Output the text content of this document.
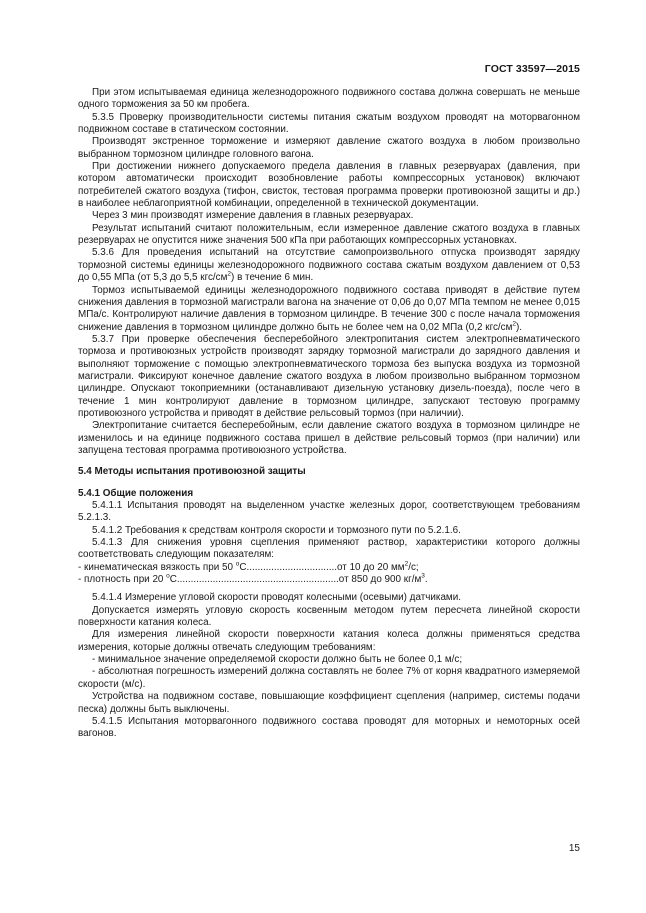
ГОСТ 33597—2015

При этом испытываемая единица железнодорожного подвижного состава должна совершать не меньше одного торможения за 50 км пробега.

5.3.5 Проверку производительности системы питания сжатым воздухом проводят на моторвагонном подвижном составе в статическом состоянии.

Производят экстренное торможение и измеряют давление сжатого воздуха в любом произвольно выбранном тормозном цилиндре головного вагона.

При достижении нижнего допускаемого предела давления в главных резервуарах (давления, при котором автоматически происходит возобновление работы компрессорных установок) включают потребителей сжатого воздуха (тифон, свисток, тестовая программа проверки противоюзной защиты и др.) в наиболее неблагоприятной комбинации, определенной в технической документации.

Через 3 мин производят измерение давления в главных резервуарах.

Результат испытаний считают положительным, если измеренное давление сжатого воздуха в главных резервуарах не опустится ниже значения 500 кПа при работающих компрессорных установках.

5.3.6 Для проведения испытаний на отсутствие самопроизвольного отпуска производят зарядку тормозной системы единицы железнодорожного подвижного состава сжатым воздухом давлением от 0,53 до 0,55 МПа (от 5,3 до 5,5 кгс/$см^2$) в течение 6 мин.

Тормоз испытываемой единицы железнодорожного подвижного состава приводят в действие путем снижения давления в тормозной магистрали вагона на значение от 0,06 до 0,07 МПа темпом не менее 0,015 МПа/с. Контролируют наличие давления в тормозном цилиндре. В течение 300 с после начала торможения снижение давления в тормозном цилиндре должно быть не более чем на 0,02 МПа (0,2 кгс/$см^2$).

5.3.7 При проверке обеспечения бесперебойного электропитания систем электропневматического тормоза и противоюзных устройств производят зарядку тормозной магистрали до зарядного давления и выполняют торможение с помощью электропневматического тормоза без выпуска воздуха из тормозной магистрали. Фиксируют конечное давление сжатого воздуха в любом произвольно выбранном тормозном цилиндре. Опускают токоприемники (останавливают дизельную установку дизель-поезда), после чего в течение 1 мин контролируют давление в тормозном цилиндре, запускают тестовую программу противоюзного устройства и приводят в действие рельсовый тормоз (при наличии).

Электропитание считается бесперебойным, если давление сжатого воздуха в тормозном цилиндре не изменилось и на единице подвижного состава пришел в действие рельсовый тормоз (при наличии) или запущена тестовая программа противоюзного устройства.

5.4 Методы испытания противоюзной защиты

5.4.1 Общие положения

5.4.1.1 Испытания проводят на выделенном участке железных дорог, соответствующем требованиям 5.2.1.3.

5.4.1.2 Требования к средствам контроля скорости и тормозного пути по 5.2.1.6.

5.4.1.3 Для снижения уровня сцепления применяют раствор, характеристики которого должны соответствовать следующим показателям:

- кинематическая вязкость при 50 $^o$C.................................от 10 до 20 $мм^2/с$;

- плотность при 20 $^o$C...........................................................от 850 до 900 $кг/м^3$.

5.4.1.4 Измерение угловой скорости проводят колесными (осевыми) датчиками.

Допускается измерять угловую скорость косвенным методом путем пересчета линейной скорости поверхности катания колеса.

Для измерения линейной скорости поверхности катания колеса должны применяться средства измерения, которые должны отвечать следующим требованиям:

- минимальное значение определяемой скорости должно быть не более 0,1 м/с;

- абсолютная погрешность измерений должна составлять не более 7% от корня квадратного измеряемой скорости (м/с).

Устройства на подвижном составе, повышающие коэффициент сцепления (например, системы подачи песка) должны быть выключены.

5.4.1.5 Испытания моторвагонного подвижного состава проводят для моторных и немоторных осей вагонов.

15
